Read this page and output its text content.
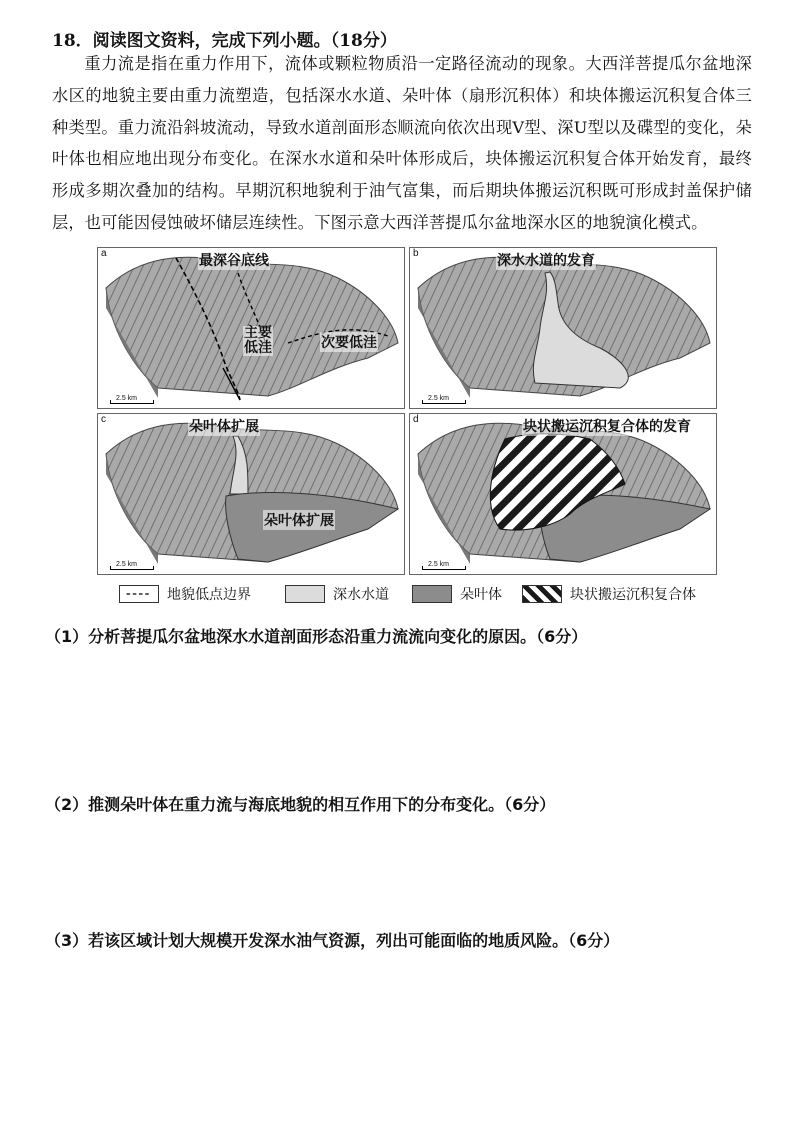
18．阅读图文资料，完成下列小题。（18分）
重力流是指在重力作用下，流体或颗粒物质沿一定路径流动的现象。大西洋菩提瓜尔盆地深水区的地貌主要由重力流塑造，包括深水水道、朵叶体（扇形沉积体）和块体搬运沉积复合体三种类型。重力流沿斜坡流动，导致水道剖面形态顺流向依次出现V型、深U型以及碟型的变化，朵叶体也相应地出现分布变化。在深水水道和朵叶体形成后，块体搬运沉积复合体开始发育，最终形成多期次叠加的结构。早期沉积地貌利于油气富集，而后期块体搬运沉积既可形成封盖保护储层，也可能因侵蚀破坏储层连续性。下图示意大西洋菩提瓜尔盆地深水区的地貌演化模式。
a	最深谷底线
主要
低洼	次要低洼
2.5 km
b	深水水道的发育
2.5 km
c	朵叶体扩展
朵叶体扩展
2.5 km
d	块状搬运沉积复合体的发育
2.5 km
地貌低点边界	深水水道	朵叶体	块状搬运沉积复合体
（1）分析菩提瓜尔盆地深水水道剖面形态沿重力流流向变化的原因。（6分）
（2）推测朵叶体在重力流与海底地貌的相互作用下的分布变化。（6分）
（3）若该区域计划大规模开发深水油气资源，列出可能面临的地质风险。（6分）
